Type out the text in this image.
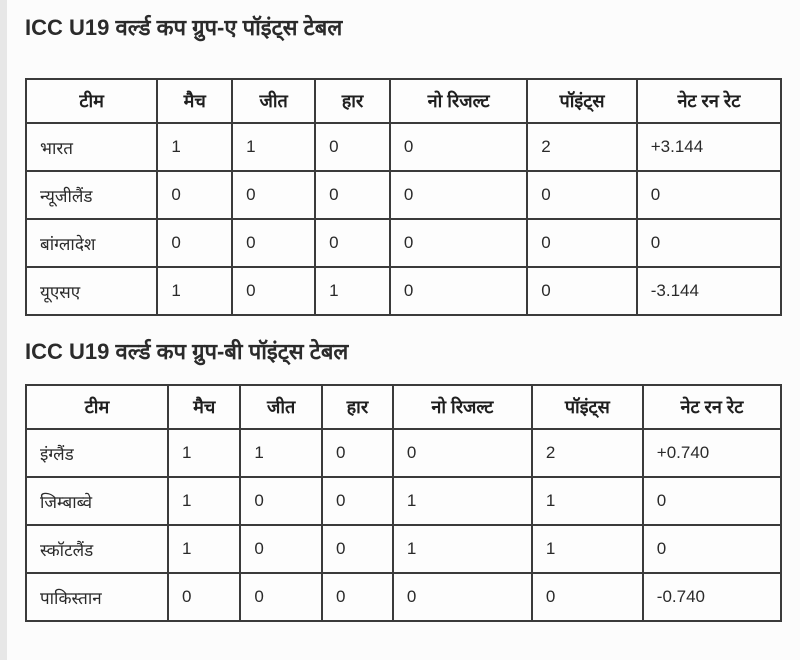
ICC U19 वर्ल्ड कप ग्रुप-ए पॉइंट्स टेबल
टीम	मैच	जीत	हार	नो रिजल्ट	पॉइंट्स	नेट रन रेट
भारत	1	1	0	0	2	+3.144
न्यूजीलैंड	0	0	0	0	0	0
बांग्लादेश	0	0	0	0	0	0
यूएसए	1	0	1	0	0	-3.144
ICC U19 वर्ल्ड कप ग्रुप-बी पॉइंट्स टेबल
टीम	मैच	जीत	हार	नो रिजल्ट	पॉइंट्स	नेट रन रेट
इंग्लैंड	1	1	0	0	2	+0.740
जिम्बाब्वे	1	0	0	1	1	0
स्कॉटलैंड	1	0	0	1	1	0
पाकिस्तान	0	0	0	0	0	-0.740
